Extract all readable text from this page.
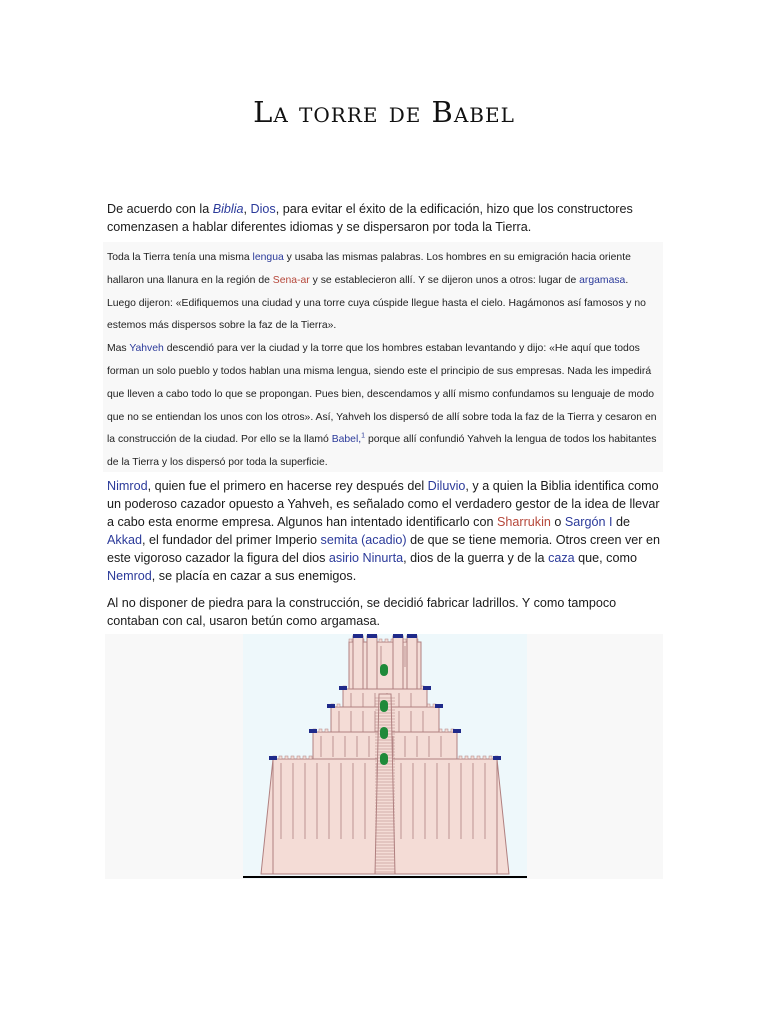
La torre de Babel
De acuerdo con la Biblia, Dios, para evitar el éxito de la edificación, hizo que los constructores comenzasen a hablar diferentes idiomas y se dispersaron por toda la Tierra.
Toda la Tierra tenía una misma lengua y usaba las mismas palabras. Los hombres en su emigración hacia oriente hallaron una llanura en la región de Sena-ar y se establecieron allí. Y se dijeron unos a otros: lugar de argamasa. Luego dijeron: «Edifiquemos una ciudad y una torre cuya cúspide llegue hasta el cielo. Hagámonos así famosos y no estemos más dispersos sobre la faz de la Tierra».
Mas Yahveh descendió para ver la ciudad y la torre que los hombres estaban levantando y dijo: «He aquí que todos forman un solo pueblo y todos hablan una misma lengua, siendo este el principio de sus empresas. Nada les impedirá que lleven a cabo todo lo que se propongan. Pues bien, descendamos y allí mismo confundamos su lenguaje de modo que no se entiendan los unos con los otros». Así, Yahveh los dispersó de allí sobre toda la faz de la Tierra y cesaron en la construcción de la ciudad. Por ello se la llamó Babel,$^1$ porque allí confundió Yahveh la lengua de todos los habitantes de la Tierra y los dispersó por toda la superficie.
Nimrod, quien fue el primero en hacerse rey después del Diluvio, y a quien la Biblia identifica como un poderoso cazador opuesto a Yahveh, es señalado como el verdadero gestor de la idea de llevar a cabo esta enorme empresa. Algunos han intentado identificarlo con Sharrukin o Sargón I de Akkad, el fundador del primer Imperio semita (acadio) de que se tiene memoria. Otros creen ver en este vigoroso cazador la figura del dios asirio Ninurta, dios de la guerra y de la caza que, como Nemrod, se placía en cazar a sus enemigos.
Al no disponer de piedra para la construcción, se decidió fabricar ladrillos. Y como tampoco contaban con cal, usaron betún como argamasa.
